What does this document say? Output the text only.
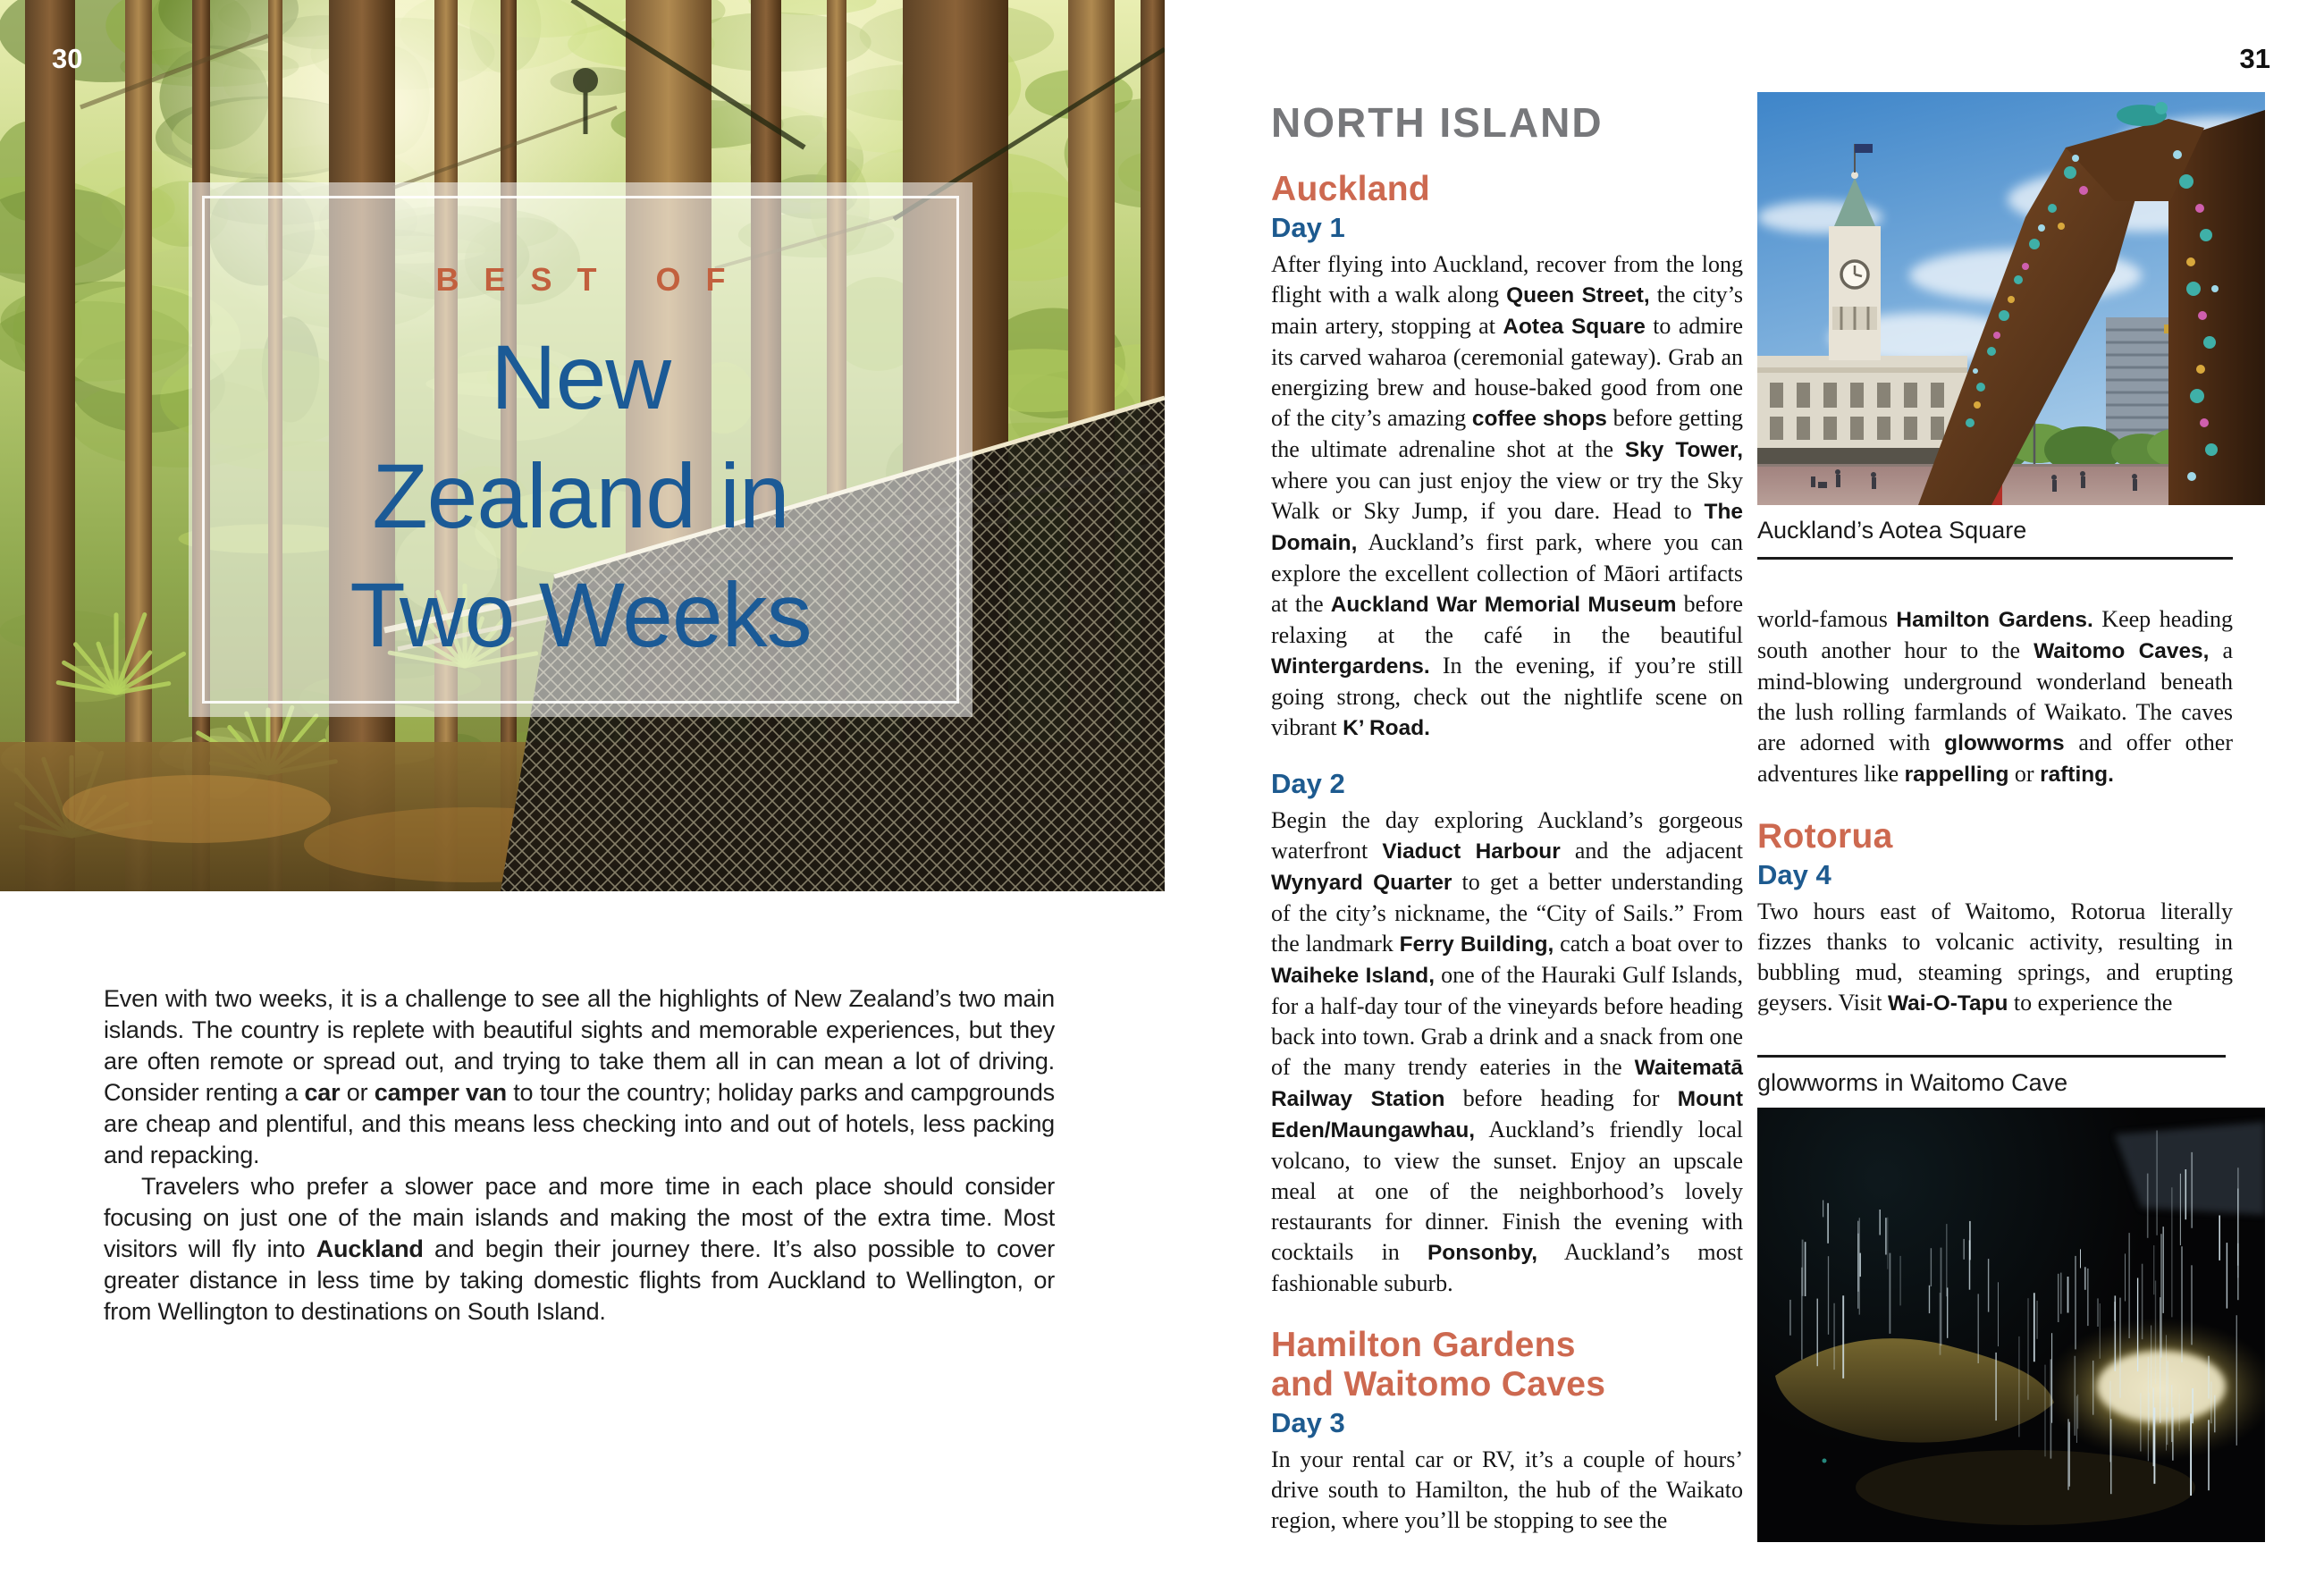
30
BEST OF
New
Zealand in
Two Weeks

Even with two weeks, it is a challenge to see all the highlights of New Zealand’s two main islands. The country is replete with beautiful sights and memorable experiences, but they are often remote or spread out, and trying to take them all in can mean a lot of driving. Consider renting a car or camper van to tour the country; holiday parks and campgrounds are cheap and plentiful, and this means less checking into and out of hotels, less packing and repacking.

Travelers who prefer a slower pace and more time in each place should consider focusing on just one of the main islands and making the most of the extra time. Most visitors will fly into Auckland and begin their journey there. It’s also possible to cover greater distance in less time by taking domestic flights from Auckland to Wellington, or from Wellington to destinations on South Island.

31
NORTH ISLAND
Auckland
Day 1

After flying into Auckland, recover from the long flight with a walk along Queen Street, the city’s main artery, stopping at Aotea Square to admire its carved waharoa (ceremonial gateway). Grab an energizing brew and house-baked good from one of the city’s amazing coffee shops before getting the ultimate adrenaline shot at the Sky Tower, where you can just enjoy the view or try the Sky Walk or Sky Jump, if you dare. Head to The Domain, Auckland’s first park, where you can explore the excellent collection of Māori artifacts at the Auckland War Memorial Museum before relaxing at the café in the beautiful Wintergardens. In the evening, if you’re still going strong, check out the nightlife scene on vibrant K’ Road.

Day 2

Begin the day exploring Auckland’s gorgeous waterfront Viaduct Harbour and the adjacent Wynyard Quarter to get a better understanding of the city’s nickname, the “City of Sails.” From the landmark Ferry Building, catch a boat over to Waiheke Island, one of the Hauraki Gulf Islands, for a half-day tour of the vineyards before heading back into town. Grab a drink and a snack from one of the many trendy eateries in the Waitematā Railway Station before heading for Mount Eden/Maungawhau, Auckland’s friendly local volcano, to view the sunset. Enjoy an upscale meal at one of the neighborhood’s lovely restaurants for dinner. Finish the evening with cocktails in Ponsonby, Auckland’s most fashionable suburb.

Hamilton Gardens
and Waitomo Caves
Day 3

In your rental car or RV, it’s a couple of hours’ drive south to Hamilton, the hub of the Waikato region, where you’ll be stopping to see the

Auckland’s Aotea Square

world-famous Hamilton Gardens. Keep heading south another hour to the Waitomo Caves, a mind-blowing underground wonderland beneath the lush rolling farmlands of Waikato. The caves are adorned with glowworms and offer other adventures like rappelling or rafting.

Rotorua
Day 4

Two hours east of Waitomo, Rotorua literally fizzes thanks to volcanic activity, resulting in bubbling mud, steaming springs, and erupting geysers. Visit Wai-O-Tapu to experience the

glowworms in Waitomo Cave
